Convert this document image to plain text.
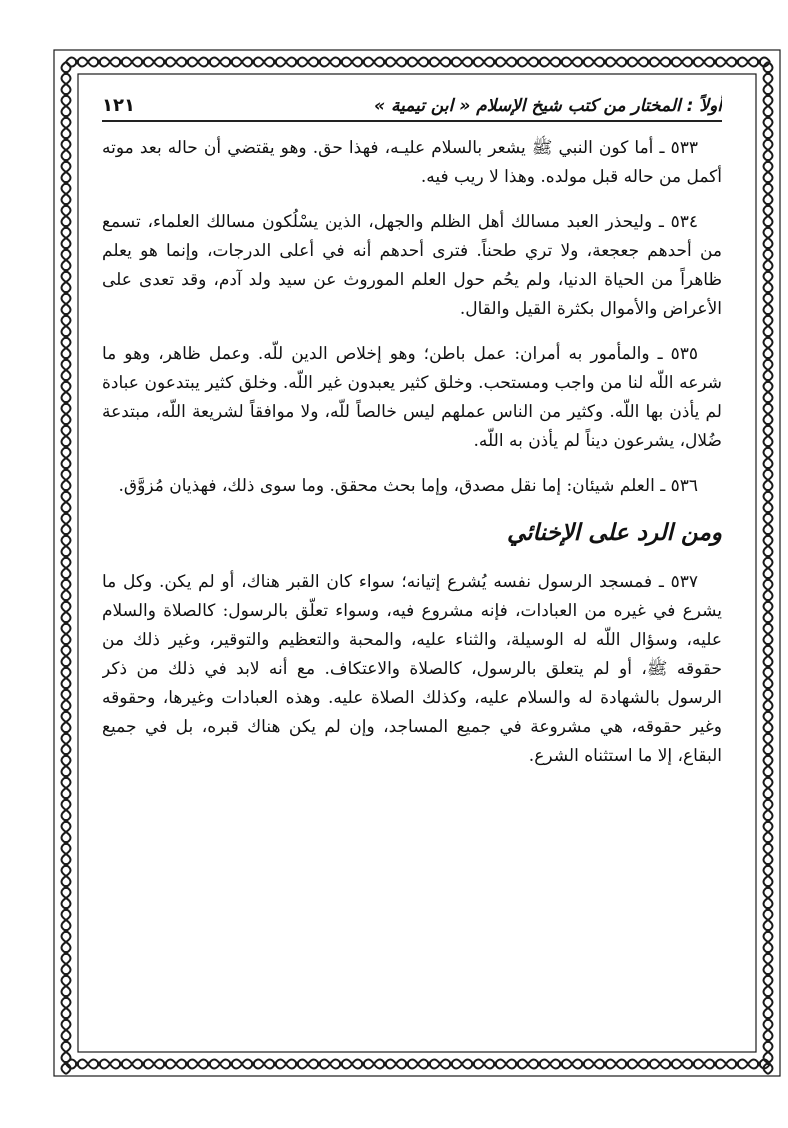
أولاً : المختار من كتب شيخ الإسلام « ابن تيمية »
١٢١

٥٣٣ ـ أما كون النبي ﷺ يشعر بالسلام عليـه، فهذا حق. وهو يقتضي أن حاله بعد موته أكمل من حاله قبل مولده. وهذا لا ريب فيه.

٥٣٤ ـ وليحذر العبد مسالك أهل الظلم والجهل، الذين يسْلُكون مسالك العلماء، تسمع من أحدهم جعجعة، ولا تري طحناً. فترى أحدهم أنه في أعلى الدرجات، وإنما هو يعلم ظاهراً من الحياة الدنيا، ولم يحُم حول العلم الموروث عن سيد ولد آدم، وقد تعدى على الأعراض والأموال بكثرة القيل والقال.

٥٣٥ ـ والمأمور به أمران: عمل باطن؛ وهو إخلاص الدين للّه. وعمل ظاهر، وهو ما شرعه اللّه لنا من واجب ومستحب. وخلق كثير يعبدون غير اللّه. وخلق كثير يبتدعون عبادة لم يأذن بها اللّه. وكثير من الناس عملهم ليس خالصاً للّه، ولا موافقاً لشريعة اللّه، مبتدعة ضُلال، يشرعون ديناً لم يأذن به اللّه.

٥٣٦ ـ العلم شيئان: إما نقل مصدق، وإما بحث محقق. وما سوى ذلك، فهذيان مُزوَّق.

ومن الرد على الإخنائي

٥٣٧ ـ فمسجد الرسول نفسه يُشرع إتيانه؛ سواء كان القبر هناك، أو لم يكن. وكل ما يشرع في غيره من العبادات، فإنه مشروع فيه، وسواء تعلّق بالرسول: كالصلاة والسلام عليه، وسؤال اللّه له الوسيلة، والثناء عليه، والمحبة والتعظيم والتوقير، وغير ذلك من حقوقه ﷺ، أو لم يتعلق بالرسول، كالصلاة والاعتكاف. مع أنه لابد في ذلك من ذكر الرسول بالشهادة له والسلام عليه، وكذلك الصلاة عليه. وهذه العبادات وغيرها، وحقوقه وغير حقوقه، هي مشروعة في جميع المساجد، وإن لم يكن هناك قبره، بل في جميع البقاع، إلا ما استثناه الشرع.
